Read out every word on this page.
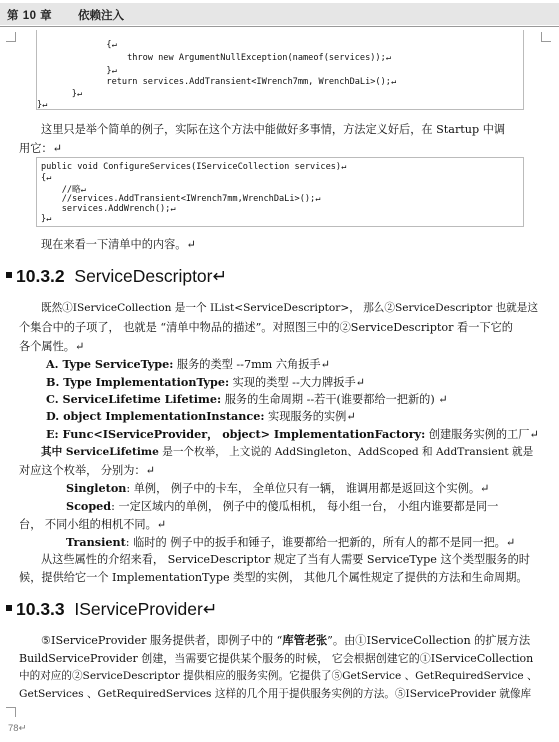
第 10 章 依赖注入
{↵
throw new ArgumentNullException(nameof(services));↵
}↵
return services.AddTransient<IWrench7mm, WrenchDaLi>();↵
}↵
}↵
这里只是举个简单的例子，实际在这个方法中能做好多事情，方法定义好后，在 Startup 中调
用它：↵
public void ConfigureServices(IServiceCollection services)↵
{↵
//略↵
//services.AddTransient<IWrench7mm,WrenchDaLi>();↵
services.AddWrench();↵
}↵
现在来看一下清单中的内容。↵
10.3.2 ServiceDescriptor↵
既然①IServiceCollection 是一个 IList<ServiceDescriptor>， 那么②ServiceDescriptor 也就是这
个集合中的子项了， 也就是 “清单中物品的描述”。对照图三中的②ServiceDescriptor 看一下它的
各个属性。↵
A. Type ServiceType: 服务的类型 --7mm 六角扳手↵
B. Type ImplementationType: 实现的类型 --大力牌扳手↵
C. ServiceLifetime Lifetime: 服务的生命周期 --若干(谁要都给一把新的) ↵
D. object ImplementationInstance: 实现服务的实例↵
E: Func<IServiceProvider， object> ImplementationFactory: 创建服务实例的工厂↵
其中 ServiceLifetime 是一个枚举， 上文说的 AddSingleton、AddScoped 和 AddTransient 就是
对应这个枚举， 分别为：↵
Singleton: 单例， 例子中的卡车， 全单位只有一辆， 谁调用都是返回这个实例。↵
Scoped: 一定区域内的单例， 例子中的傻瓜相机， 每小组一台， 小组内谁要都是同一
台， 不同小组的相机不同。↵
Transient: 临时的 例子中的扳手和锤子，谁要都给一把新的，所有人的都不是同一把。↵
从这些属性的介绍来看， ServiceDescriptor 规定了当有人需要 ServiceType 这个类型服务的时
候，提供给它一个 ImplementationType 类型的实例， 其他几个属性规定了提供的方法和生命周期。
10.3.3 IServiceProvider↵
⑤IServiceProvider 服务提供者，即例子中的 “库管老张”。由①IServiceCollection 的扩展方法
BuildServiceProvider 创建，当需要它提供某个服务的时候， 它会根据创建它的①IServiceCollection
中的对应的②ServiceDescriptor 提供相应的服务实例。它提供了⑤GetService 、GetRequiredService 、
GetServices 、GetRequiredServices 这样的几个用于提供服务实例的方法。⑤IServiceProvider 就像库
78↵
